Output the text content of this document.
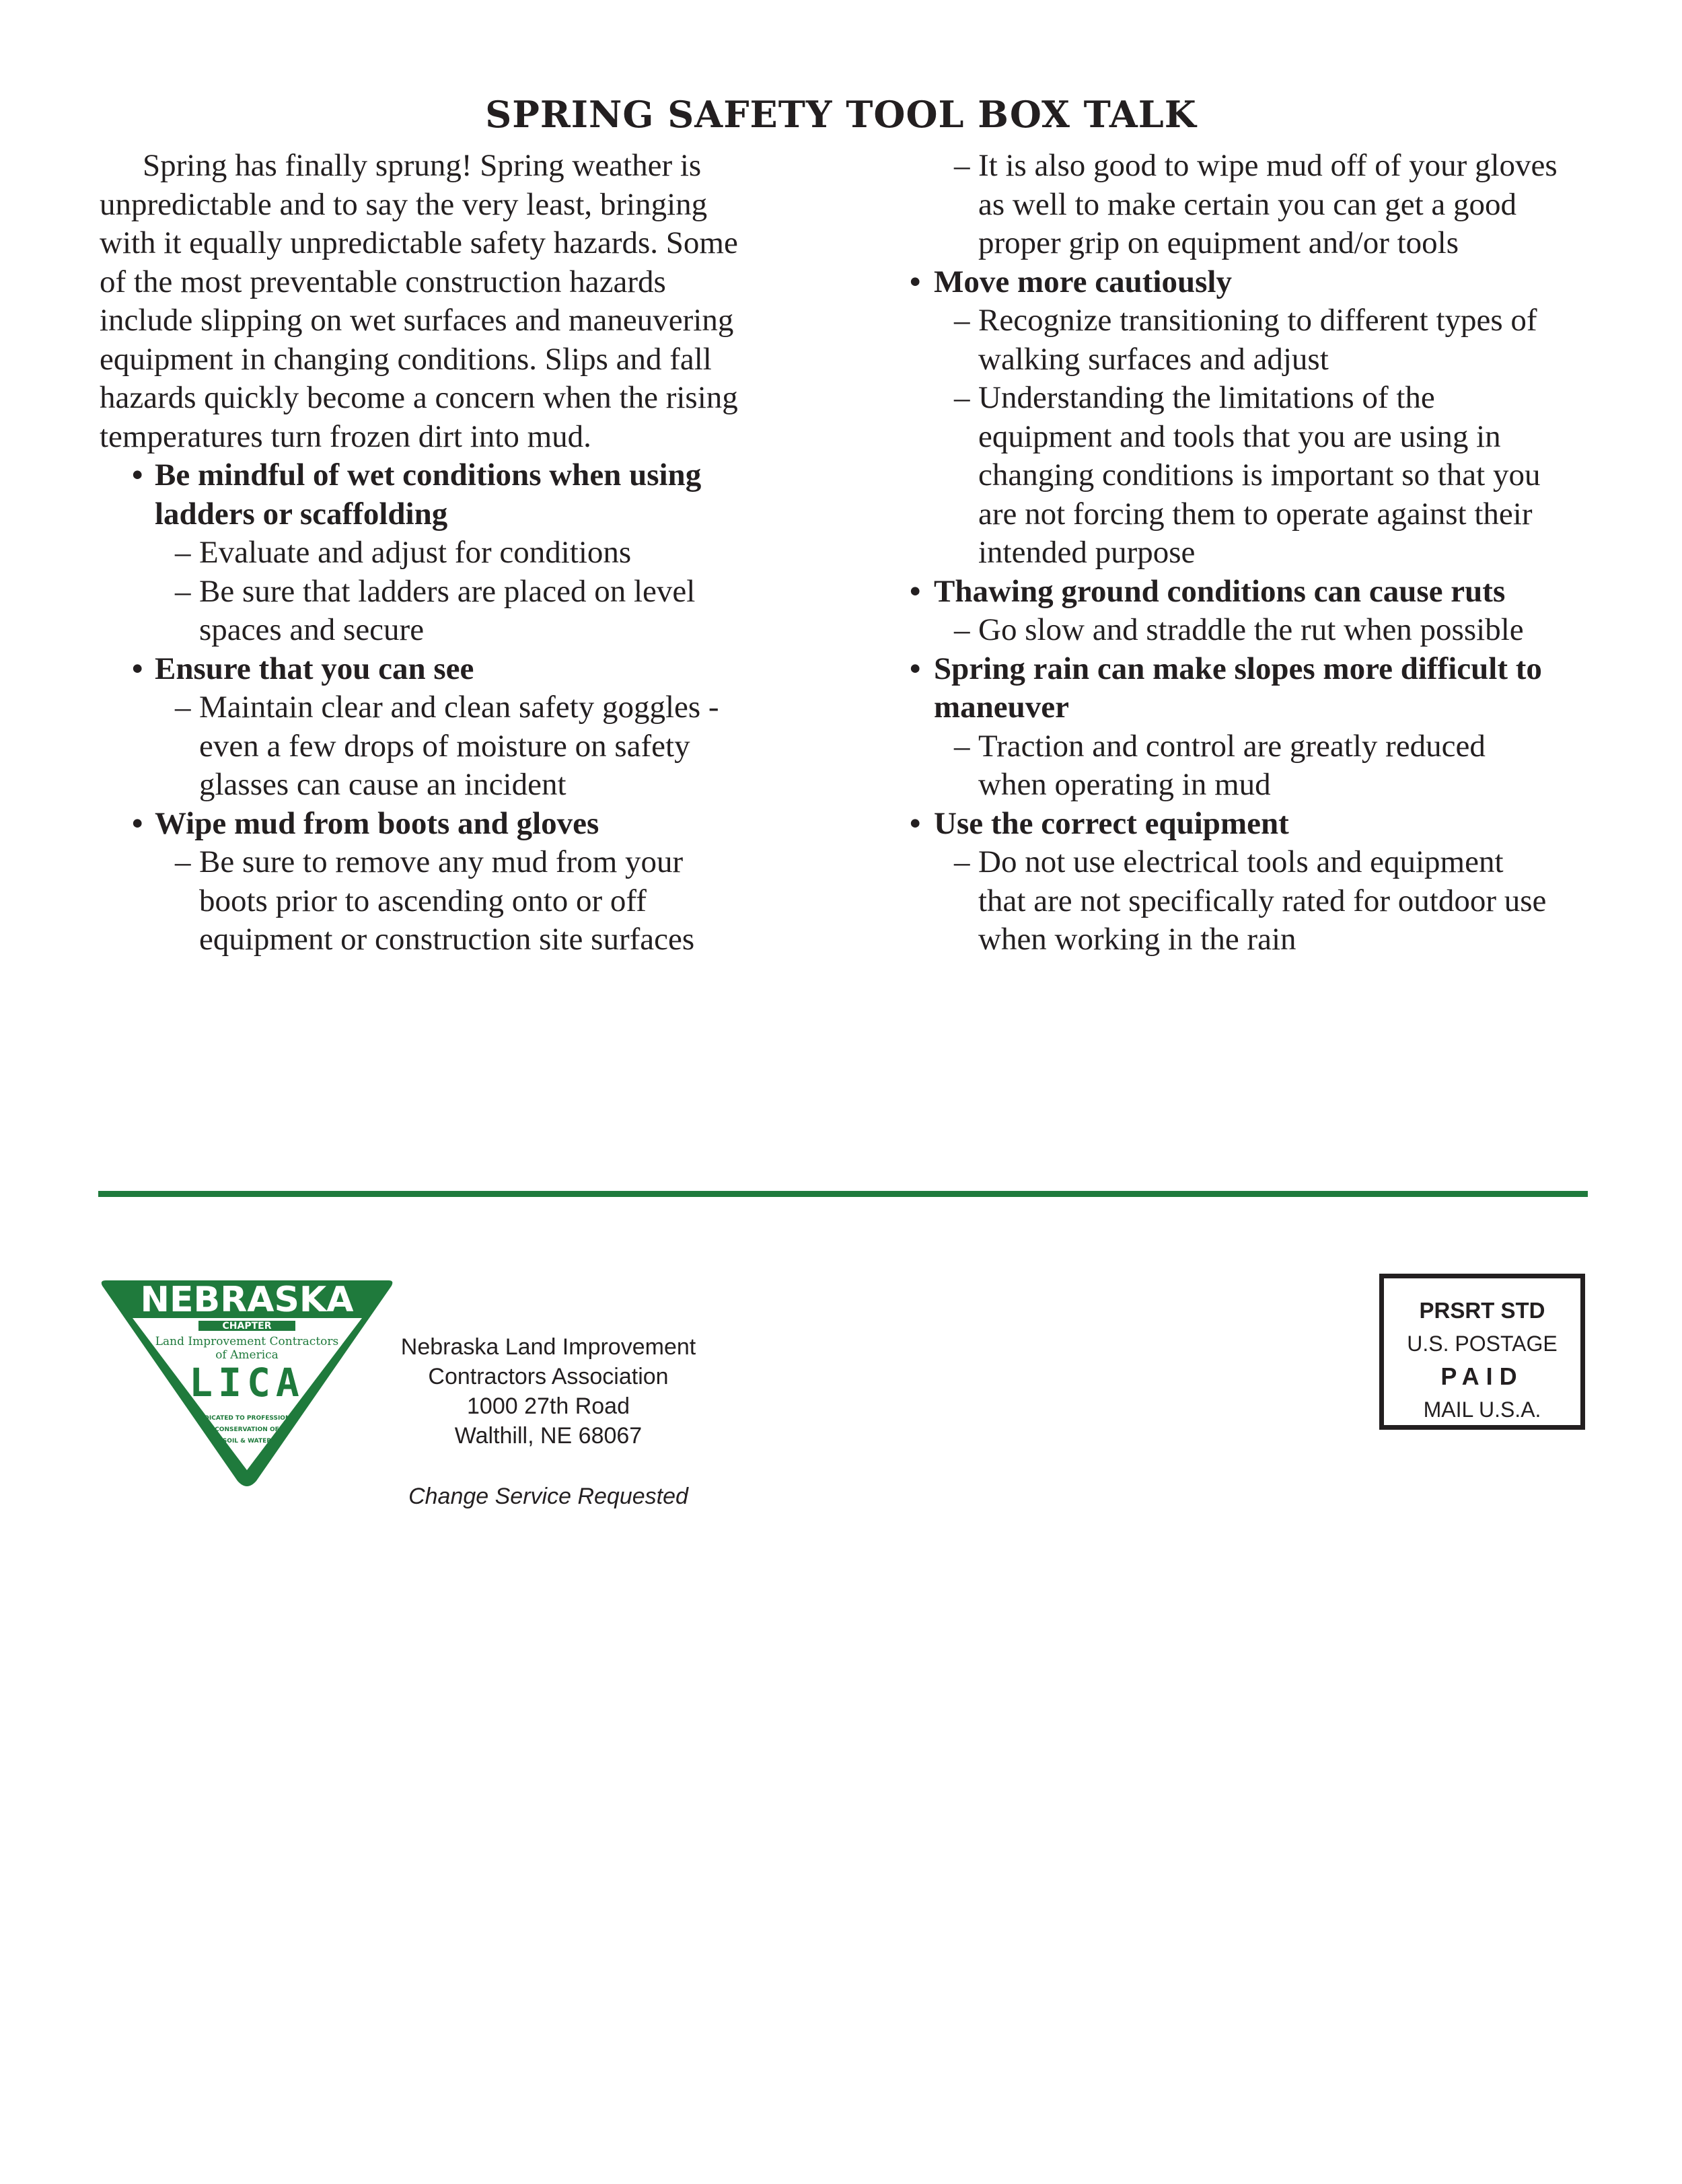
SPRING SAFETY TOOL BOX TALK
Spring has finally sprung! Spring weather is
unpredictable and to say the very least, bringing
with it equally unpredictable safety hazards. Some
of the most preventable construction hazards
include slipping on wet surfaces and maneuvering
equipment in changing conditions. Slips and fall
hazards quickly become a concern when the rising
temperatures turn frozen dirt into mud.
• Be mindful of wet conditions when using
ladders or scaffolding
– Evaluate and adjust for conditions
– Be sure that ladders are placed on level
spaces and secure
• Ensure that you can see
– Maintain clear and clean safety goggles -
even a few drops of moisture on safety
glasses can cause an incident
• Wipe mud from boots and gloves
– Be sure to remove any mud from your
boots prior to ascending onto or off
equipment or construction site surfaces
– It is also good to wipe mud off of your gloves
as well to make certain you can get a good
proper grip on equipment and/or tools
• Move more cautiously
– Recognize transitioning to different types of
walking surfaces and adjust
– Understanding the limitations of the
equipment and tools that you are using in
changing conditions is important so that you
are not forcing them to operate against their
intended purpose
• Thawing ground conditions can cause ruts
– Go slow and straddle the rut when possible
• Spring rain can make slopes more difficult to
maneuver
– Traction and control are greatly reduced
when operating in mud
• Use the correct equipment
– Do not use electrical tools and equipment
that are not specifically rated for outdoor use
when working in the rain
NEBRASKA
CHAPTER
Land Improvement Contractors
of America
LICA
DEDICATED TO PROFESSIONAL
CONSERVATION OF
SOIL & WATER
Nebraska Land Improvement
Contractors Association
1000 27th Road
Walthill, NE 68067
Change Service Requested
PRSRT STD
U.S. POSTAGE
PAID
MAIL U.S.A.
